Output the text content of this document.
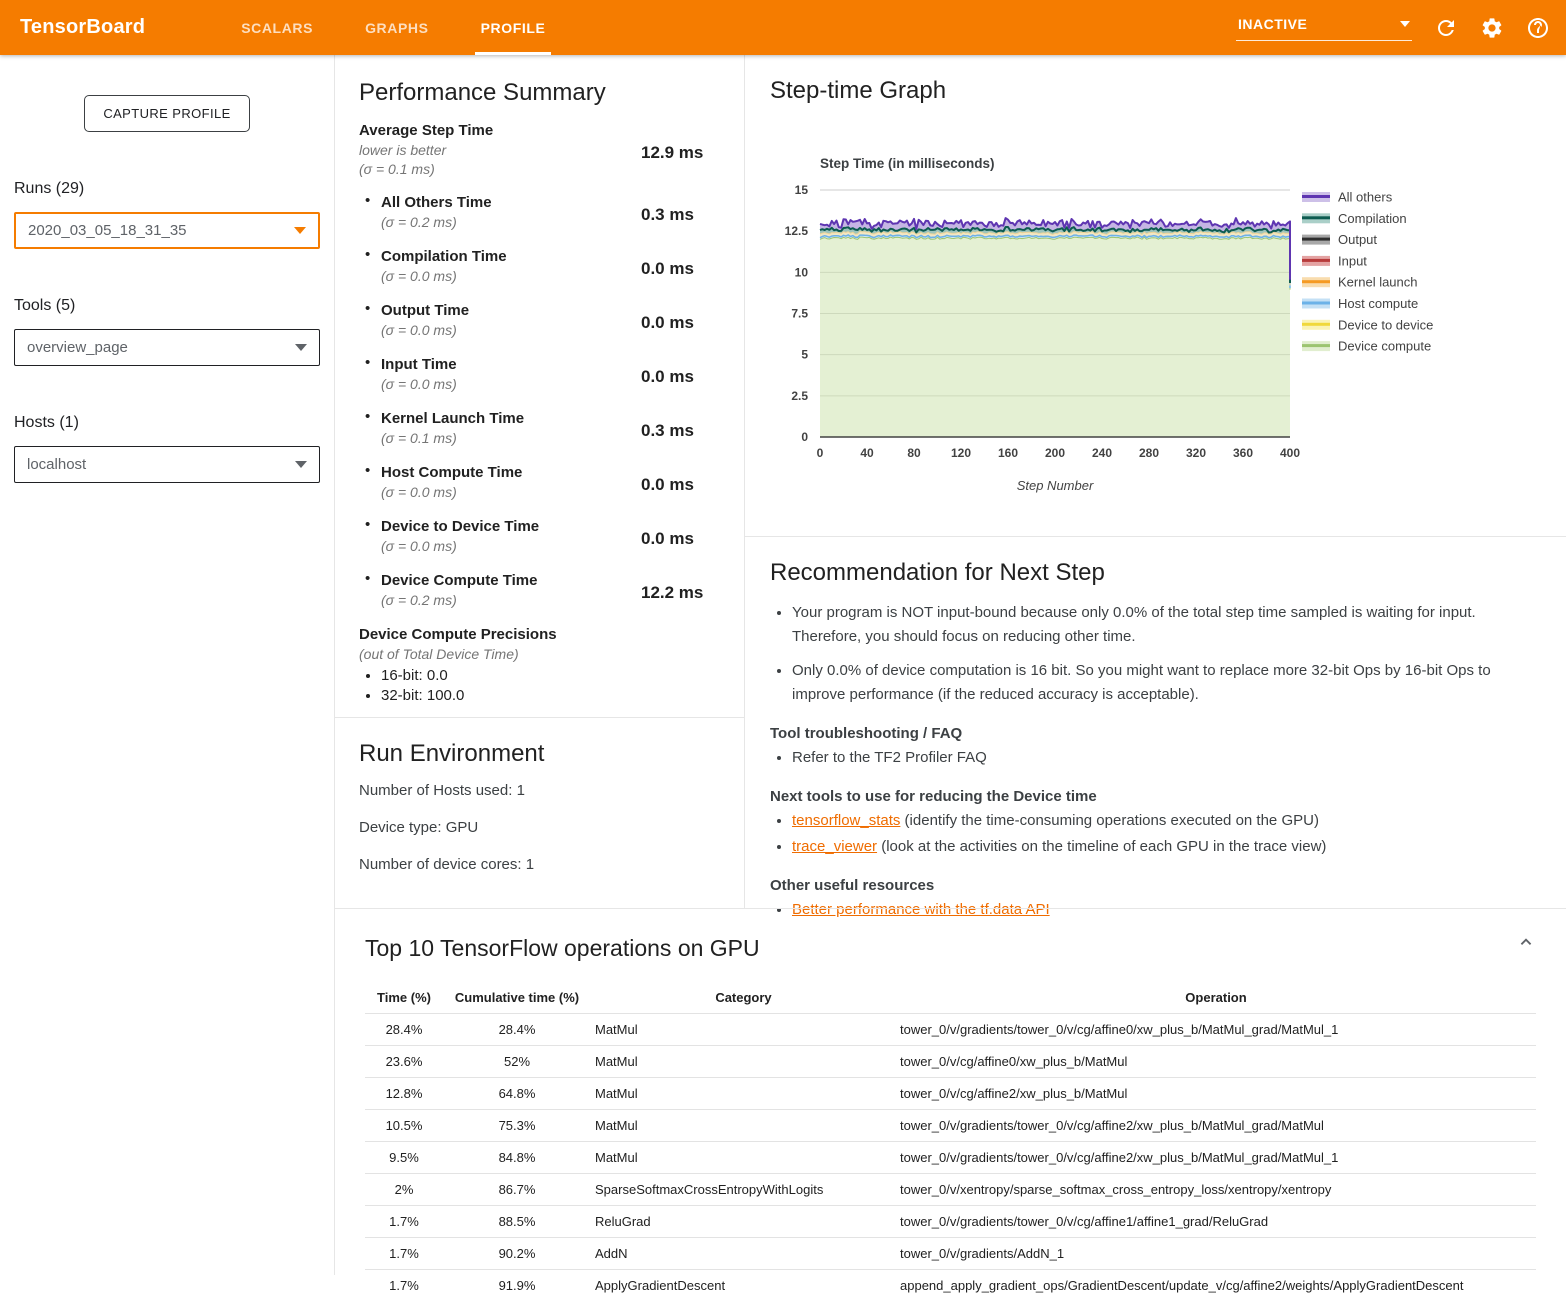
TensorBoard	SCALARS	GRAPHS	PROFILE	INACTIVE
CAPTURE PROFILE
Runs (29)
2020_03_05_18_31_35
Tools (5)
overview_page
Hosts (1)
localhost
Performance Summary
Average Step Time
lower is better
(σ = 0.1 ms)
12.9 ms
• All Others Time
(σ = 0.2 ms)	0.3 ms
• Compilation Time
(σ = 0.0 ms)	0.0 ms
• Output Time
(σ = 0.0 ms)	0.0 ms
• Input Time
(σ = 0.0 ms)	0.0 ms
• Kernel Launch Time
(σ = 0.1 ms)	0.3 ms
• Host Compute Time
(σ = 0.0 ms)	0.0 ms
• Device to Device Time
(σ = 0.0 ms)	0.0 ms
• Device Compute Time
(σ = 0.2 ms)	12.2 ms
Device Compute Precisions
(out of Total Device Time)
• 16-bit: 0.0
• 32-bit: 100.0
Run Environment

Number of Hosts used: 1

Device type: GPU

Number of device cores: 1

Step-time Graph
Step Time (in milliseconds)
0
2.5
5
7.5
10
12.5
15
0	40	80	120 160 200 240 280 320 360 400
Step Number
All others
Compilation
Output
Input
Kernel launch
Host compute
Device to device
Device compute
Recommendation for Next Step
• Your program is NOT input-bound because only 0.0% of the total step time sampled is waiting for input. Therefore, you should focus on reducing other time.
• Only 0.0% of device computation is 16 bit. So you might want to replace more 32-bit Ops by 16-bit Ops to improve performance (if the reduced accuracy is acceptable).
Tool troubleshooting / FAQ
• Refer to the TF2 Profiler FAQ
Next tools to use for reducing the Device time
• tensorflow_stats (identify the time-consuming operations executed on the GPU)
• trace_viewer (look at the activities on the timeline of each GPU in the trace view)
Other useful resources
• Better performance with the tf.data API
Top 10 TensorFlow operations on GPU
Time (%)	Cumulative time (%)	Category	Operation
28.4%	28.4%	MatMul	tower_0/v/gradients/tower_0/v/cg/affine0/xw_plus_b/MatMul_grad/MatMul_1
23.6%	52%	MatMul	tower_0/v/cg/affine0/xw_plus_b/MatMul
12.8%	64.8%	MatMul	tower_0/v/cg/affine2/xw_plus_b/MatMul
10.5%	75.3%	MatMul	tower_0/v/gradients/tower_0/v/cg/affine2/xw_plus_b/MatMul_grad/MatMul
9.5%	84.8%	MatMul	tower_0/v/gradients/tower_0/v/cg/affine2/xw_plus_b/MatMul_grad/MatMul_1
2%	86.7%	SparseSoftmaxCrossEntropyWithLogits	tower_0/v/xentropy/sparse_softmax_cross_entropy_loss/xentropy/xentropy
1.7%	88.5%	ReluGrad	tower_0/v/gradients/tower_0/v/cg/affine1/affine1_grad/ReluGrad
1.7%	90.2%	AddN	tower_0/v/gradients/AddN_1
1.7%	91.9%	ApplyGradientDescent	append_apply_gradient_ops/GradientDescent/update_v/cg/affine2/weights/ApplyGradientDescent
